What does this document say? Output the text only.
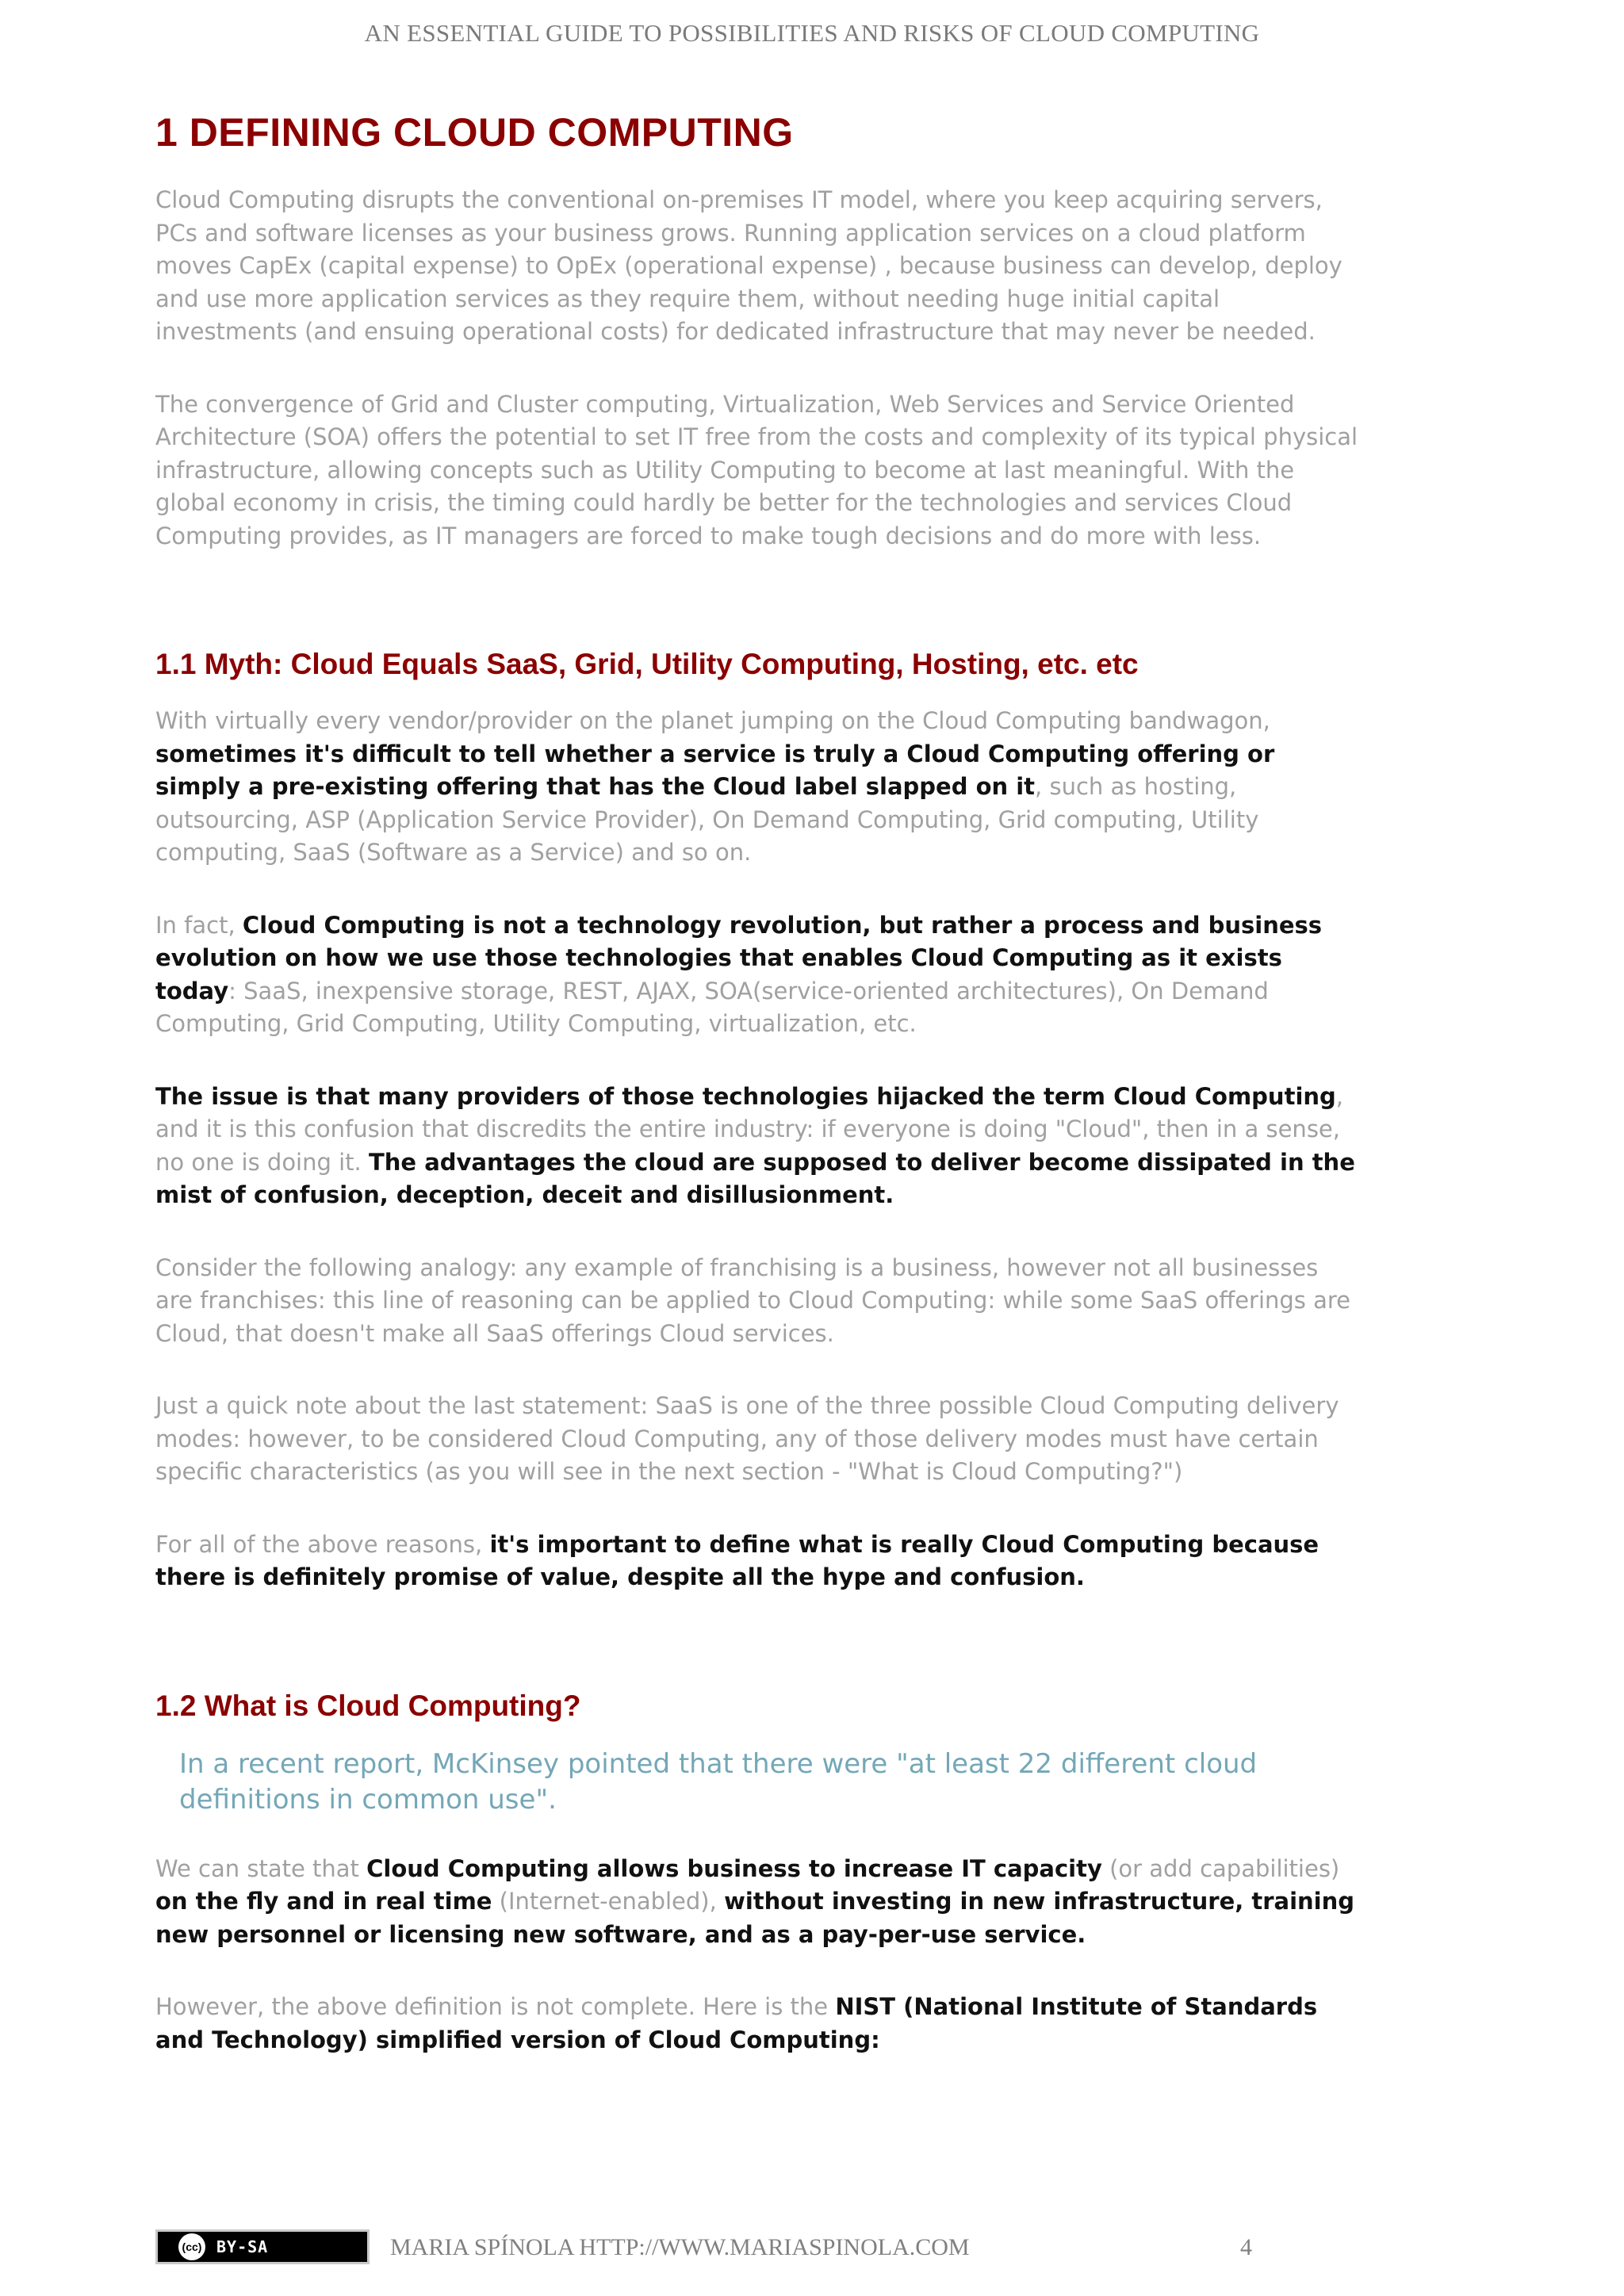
AN ESSENTIAL GUIDE TO POSSIBILITIES AND RISKS OF CLOUD COMPUTING
1 DEFINING CLOUD COMPUTING

Cloud Computing disrupts the conventional on-premises IT model, where you keep acquiring servers, PCs and software licenses as your business grows. Running application services on a cloud platform moves CapEx (capital expense) to OpEx (operational expense) , because business can develop, deploy and use more application services as they require them, without needing huge initial capital investments (and ensuing operational costs) for dedicated infrastructure that may never be needed.

The convergence of Grid and Cluster computing, Virtualization, Web Services and Service Oriented Architecture (SOA) offers the potential to set IT free from the costs and complexity of its typical physical infrastructure, allowing concepts such as Utility Computing to become at last meaningful. With the global economy in crisis, the timing could hardly be better for the technologies and services Cloud Computing provides, as IT managers are forced to make tough decisions and do more with less.

1.1 Myth: Cloud Equals SaaS, Grid, Utility Computing, Hosting, etc. etc

With virtually every vendor/provider on the planet jumping on the Cloud Computing bandwagon, sometimes it's difficult to tell whether a service is truly a Cloud Computing offering or simply a pre-existing offering that has the Cloud label slapped on it, such as hosting, outsourcing, ASP (Application Service Provider), On Demand Computing, Grid computing, Utility computing, SaaS (Software as a Service) and so on.

In fact, Cloud Computing is not a technology revolution, but rather a process and business evolution on how we use those technologies that enables Cloud Computing as it exists today: SaaS, inexpensive storage, REST, AJAX, SOA(service-oriented architectures), On Demand Computing, Grid Computing, Utility Computing, virtualization, etc.

The issue is that many providers of those technologies hijacked the term Cloud Computing, and it is this confusion that discredits the entire industry: if everyone is doing "Cloud", then in a sense, no one is doing it. The advantages the cloud are supposed to deliver become dissipated in the mist of confusion, deception, deceit and disillusionment.

Consider the following analogy: any example of franchising is a business, however not all businesses are franchises: this line of reasoning can be applied to Cloud Computing: while some SaaS offerings are Cloud, that doesn't make all SaaS offerings Cloud services.

Just a quick note about the last statement: SaaS is one of the three possible Cloud Computing delivery modes: however, to be considered Cloud Computing, any of those delivery modes must have certain specific characteristics (as you will see in the next section - "What is Cloud Computing?")

For all of the above reasons, it's important to define what is really Cloud Computing because there is definitely promise of value, despite all the hype and confusion.

1.2 What is Cloud Computing?
In a recent report, McKinsey pointed that there were "at least 22 different cloud definitions in common use".

We can state that Cloud Computing allows business to increase IT capacity (or add capabilities) on the fly and in real time (Internet-enabled), without investing in new infrastructure, training new personnel or licensing new software, and as a pay-per-use service.

However, the above definition is not complete. Here is the NIST (National Institute of Standards and Technology) simplified version of Cloud Computing:

(cc) BY-SA	MARIA SPÍNOLA HTTP://WWW.MARIASPINOLA.COM	4
